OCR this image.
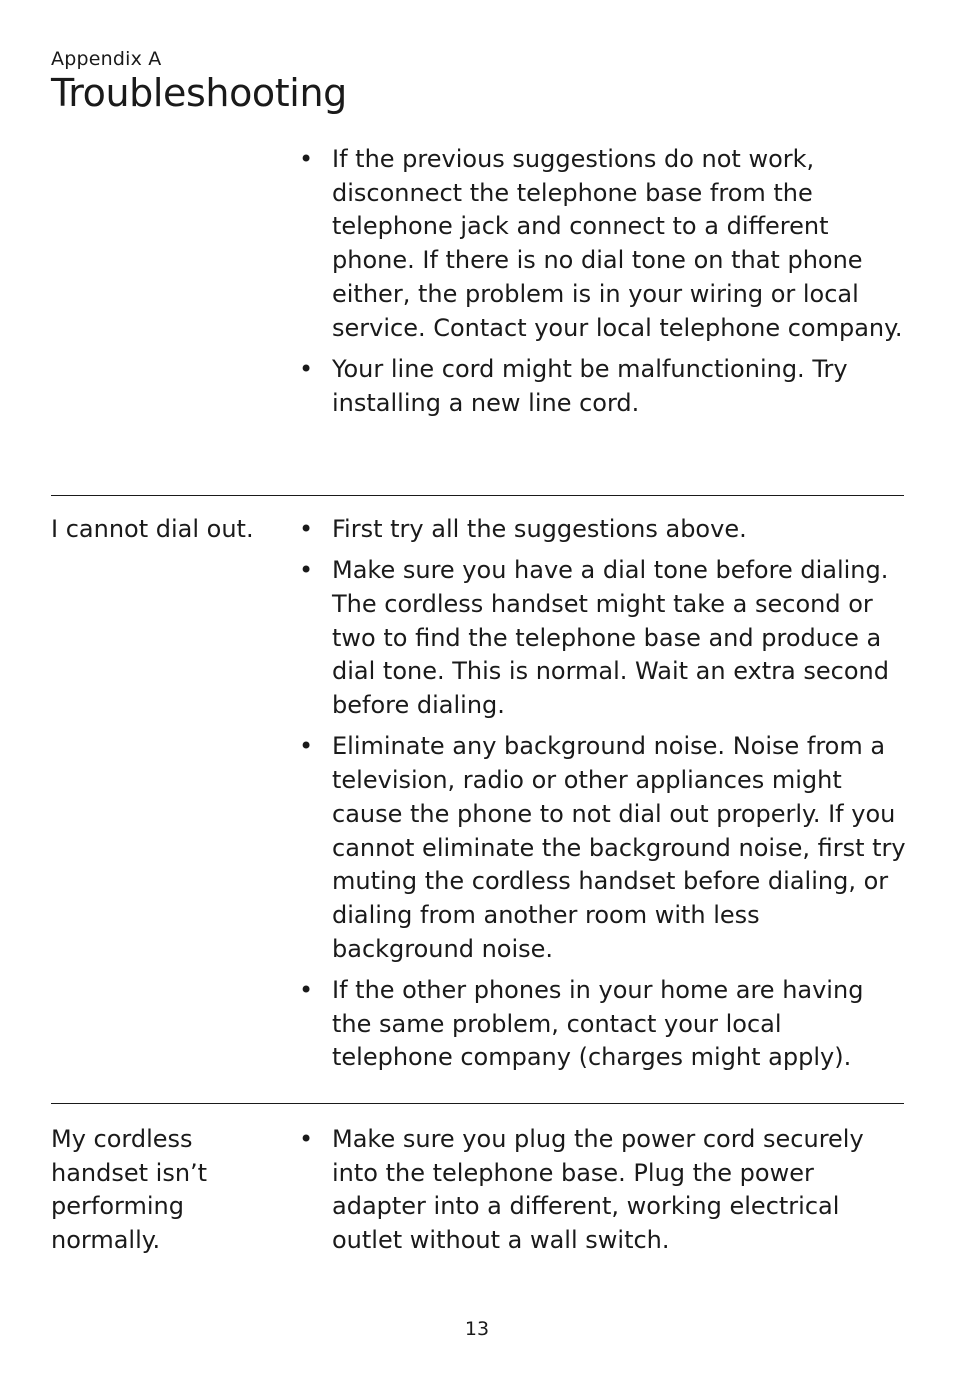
Appendix A
Troubleshooting
• If the previous suggestions do not work, disconnect the telephone base from the telephone jack and connect to a different phone. If there is no dial tone on that phone either, the problem is in your wiring or local service. Contact your local telephone company.
• Your line cord might be malfunctioning. Try installing a new line cord.
I cannot dial out.	• First try all the suggestions above.
• Make sure you have a dial tone before dialing. The cordless handset might take a second or two to find the telephone base and produce a dial tone. This is normal. Wait an extra second before dialing.
• Eliminate any background noise. Noise from a television, radio or other appliances might cause the phone to not dial out properly. If you cannot eliminate the background noise, first try muting the cordless handset before dialing, or dialing from another room with less background noise.
• If the other phones in your home are having the same problem, contact your local telephone company (charges might apply).
My cordless handset isn’t performing normally.
• Make sure you plug the power cord securely into the telephone base. Plug the power adapter into a different, working electrical outlet without a wall switch.
13
